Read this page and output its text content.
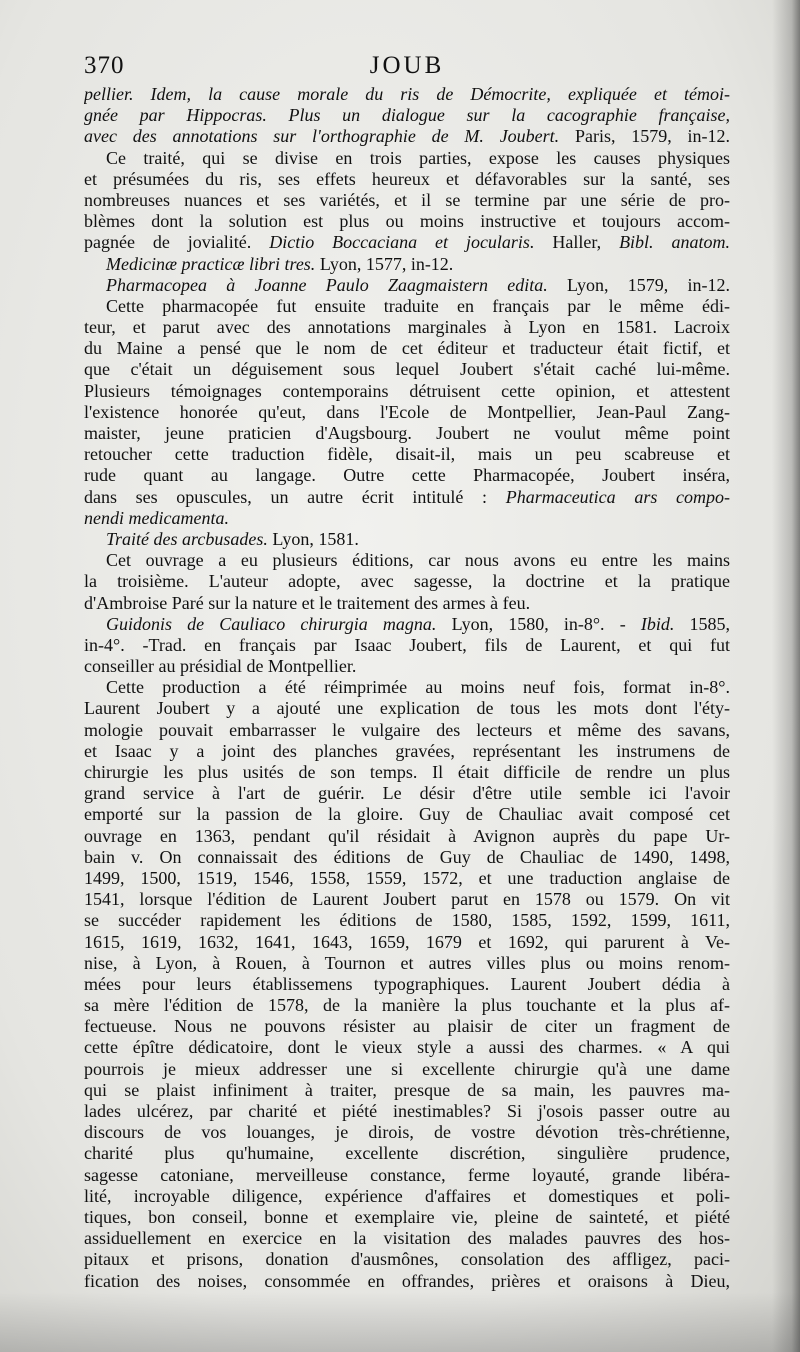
370	JOUB
pellier. Idem, la cause morale du ris de Démocrite, expliquée et témoi-
gnée par Hippocras. Plus un dialogue sur la cacographie française,
avec des annotations sur l'orthographie de M. Joubert. Paris, 1579, in-12.
Ce traité, qui se divise en trois parties, expose les causes physiques
et présumées du ris, ses effets heureux et défavorables sur la santé, ses
nombreuses nuances et ses variétés, et il se termine par une série de pro-
blèmes dont la solution est plus ou moins instructive et toujours accom-
pagnée de jovialité. Dictio Boccaciana et jocularis. Haller, Bibl. anatom.
Medicinæ practicæ libri tres. Lyon, 1577, in-12.
Pharmacopea à Joanne Paulo Zaagmaistern edita. Lyon, 1579, in-12.
Cette pharmacopée fut ensuite traduite en français par le même édi-
teur, et parut avec des annotations marginales à Lyon en 1581. Lacroix
du Maine a pensé que le nom de cet éditeur et traducteur était fictif, et
que c'était un déguisement sous lequel Joubert s'était caché lui-même.
Plusieurs témoignages contemporains détruisent cette opinion, et attestent
l'existence honorée qu'eut, dans l'Ecole de Montpellier, Jean-Paul Zang-
maister, jeune praticien d'Augsbourg. Joubert ne voulut même point
retoucher cette traduction fidèle, disait-il, mais un peu scabreuse et
rude quant au langage. Outre cette Pharmacopée, Joubert inséra,
dans ses opuscules, un autre écrit intitulé : Pharmaceutica ars compo-
nendi medicamenta.
Traité des arcbusades. Lyon, 1581.
Cet ouvrage a eu plusieurs éditions, car nous avons eu entre les mains
la troisième. L'auteur adopte, avec sagesse, la doctrine et la pratique
d'Ambroise Paré sur la nature et le traitement des armes à feu.
Guidonis de Cauliaco chirurgia magna. Lyon, 1580, in-8°. - Ibid. 1585,
in-4°. -Trad. en français par Isaac Joubert, fils de Laurent, et qui fut
conseiller au présidial de Montpellier.
Cette production a été réimprimée au moins neuf fois, format in-8°.
Laurent Joubert y a ajouté une explication de tous les mots dont l'éty-
mologie pouvait embarrasser le vulgaire des lecteurs et même des savans,
et Isaac y a joint des planches gravées, représentant les instrumens de
chirurgie les plus usités de son temps. Il était difficile de rendre un plus
grand service à l'art de guérir. Le désir d'être utile semble ici l'avoir
emporté sur la passion de la gloire. Guy de Chauliac avait composé cet
ouvrage en 1363, pendant qu'il résidait à Avignon auprès du pape Ur-
bain v. On connaissait des éditions de Guy de Chauliac de 1490, 1498,
1499, 1500, 1519, 1546, 1558, 1559, 1572, et une traduction anglaise de
1541, lorsque l'édition de Laurent Joubert parut en 1578 ou 1579. On vit
se succéder rapidement les éditions de 1580, 1585, 1592, 1599, 1611,
1615, 1619, 1632, 1641, 1643, 1659, 1679 et 1692, qui parurent à Ve-
nise, à Lyon, à Rouen, à Tournon et autres villes plus ou moins renom-
mées pour leurs établissemens typographiques. Laurent Joubert dédia à
sa mère l'édition de 1578, de la manière la plus touchante et la plus af-
fectueuse. Nous ne pouvons résister au plaisir de citer un fragment de
cette épître dédicatoire, dont le vieux style a aussi des charmes. « A qui
pourrois je mieux addresser une si excellente chirurgie qu'à une dame
qui se plaist infiniment à traiter, presque de sa main, les pauvres ma-
lades ulcérez, par charité et piété inestimables? Si j'osois passer outre au
discours de vos louanges, je dirois, de vostre dévotion très-chrétienne,
charité plus qu'humaine, excellente discrétion, singulière prudence,
sagesse catoniane, merveilleuse constance, ferme loyauté, grande libéra-
lité, incroyable diligence, expérience d'affaires et domestiques et poli-
tiques, bon conseil, bonne et exemplaire vie, pleine de sainteté, et piété
assiduellement en exercice en la visitation des malades pauvres des hos-
pitaux et prisons, donation d'ausmônes, consolation des affligez, paci-
fication des noises, consommée en offrandes, prières et oraisons à Dieu,
